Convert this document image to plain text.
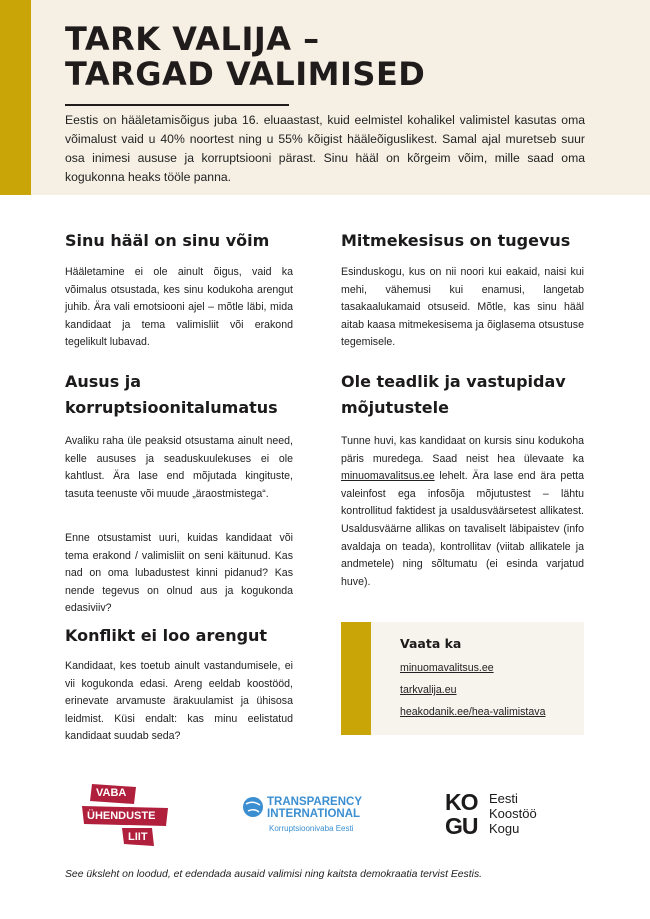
TARK VALIJA –
TARGAD VALIMISED
Eestis on hääletamisõigus juba 16. eluaastast, kuid eelmistel kohalikel valimistel kasutas oma võimalust vaid u 40% noortest ning u 55% kõigist hääleõiguslikest. Samal ajal muretseb suur osa inimesi aususe ja korruptsiooni pärast. Sinu hääl on kõrgeim võim, mille saad oma kogukonna heaks tööle panna.
Sinu hääl on sinu võim
Hääletamine ei ole ainult õigus, vaid ka võimalus otsustada, kes sinu kodukoha arengut juhib. Ära vali emotsiooni ajel – mõtle läbi, mida kandidaat ja tema valimisliit või erakond tegelikult lubavad.
Mitmekesisus on tugevus
Esinduskogu, kus on nii noori kui eakaid, naisi kui mehi, vähemusi kui enamusi, langetab tasakaalukamaid otsuseid. Mõtle, kas sinu hääl aitab kaasa mitmekesisema ja õiglasema otsustuse tegemisele.
Ausus ja
korruptsioonitalumatus
Avaliku raha üle peaksid otsustama ainult need, kelle aususes ja seaduskuulekuses ei ole kahtlust. Ära lase end mõjutada kingituste, tasuta teenuste või muude „äraostmistega“.
Enne otsustamist uuri, kuidas kandidaat või tema erakond / valimisliit on seni käitunud. Kas nad on oma lubadustest kinni pidanud? Kas nende tegevus on olnud aus ja kogukonda edasiviiv?
Ole teadlik ja vastupidav
mõjutustele
Tunne huvi, kas kandidaat on kursis sinu kodukoha päris muredega. Saad neist hea ülevaate ka minuomavalitsus.ee lehelt. Ära lase end ära petta valeinfost ega infosõja mõjutustest – lähtu kontrollitud faktidest ja usaldusväärsetest allikatest. Usaldusväärne allikas on tavaliselt läbipaistev (info avaldaja on teada), kontrollitav (viitab allikatele ja andmetele) ning sõltumatu (ei esinda varjatud huve).
Konflikt ei loo arengut
Kandidaat, kes toetub ainult vastandumisele, ei vii kogukonda edasi. Areng eeldab koostööd, erinevate arvamuste ärakuulamist ja ühisosa leidmist. Küsi endalt: kas minu eelistatud kandidaat suudab seda?
Vaata ka
minuomavalitsus.ee
tarkvalija.eu
heakodanik.ee/hea-valimistava
VABA
ÜHENDUSTE
LIIT
TRANSPARENCY
INTERNATIONAL
Korruptsioonivaba Eesti
KO
GU
Eesti
Koostöö
Kogu
See üksleht on loodud, et edendada ausaid valimisi ning kaitsta demokraatia tervist Eestis.
